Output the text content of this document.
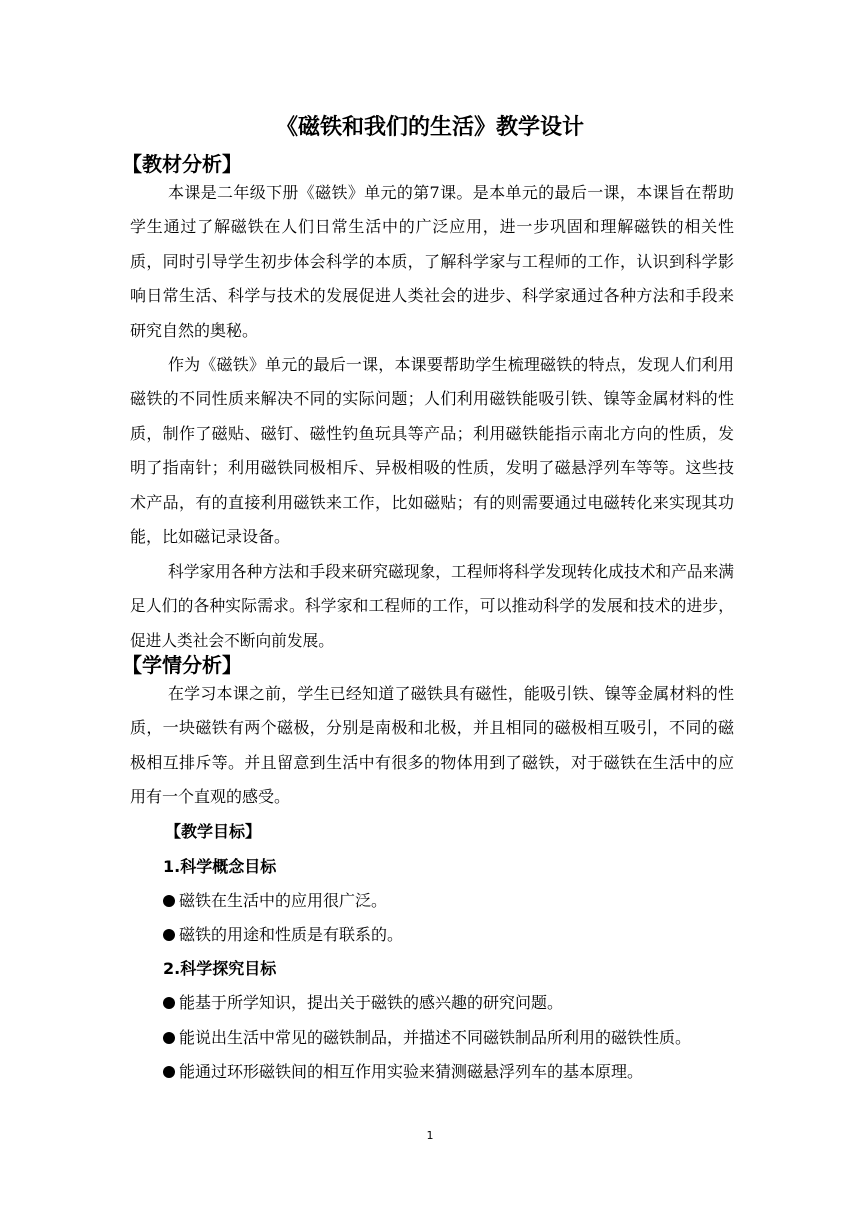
《磁铁和我们的生活》教学设计
【教材分析】

本课是二年级下册《磁铁》单元的第7课。是本单元的最后一课，本课旨在帮助学生通过了解磁铁在人们日常生活中的广泛应用，进一步巩固和理解磁铁的相关性质，同时引导学生初步体会科学的本质，了解科学家与工程师的工作，认识到科学影响日常生活、科学与技术的发展促进人类社会的进步、科学家通过各种方法和手段来研究自然的奥秘。

作为《磁铁》单元的最后一课，本课要帮助学生梳理磁铁的特点，发现人们利用磁铁的不同性质来解决不同的实际问题；人们利用磁铁能吸引铁、镍等金属材料的性质，制作了磁贴、磁钉、磁性钓鱼玩具等产品；利用磁铁能指示南北方向的性质，发明了指南针；利用磁铁同极相斥、异极相吸的性质，发明了磁悬浮列车等等。这些技术产品，有的直接利用磁铁来工作，比如磁贴；有的则需要通过电磁转化来实现其功能，比如磁记录设备。

科学家用各种方法和手段来研究磁现象，工程师将科学发现转化成技术和产品来满足人们的各种实际需求。科学家和工程师的工作，可以推动科学的发展和技术的进步，促进人类社会不断向前发展。

【学情分析】

在学习本课之前，学生已经知道了磁铁具有磁性，能吸引铁、镍等金属材料的性质，一块磁铁有两个磁极，分别是南极和北极，并且相同的磁极相互吸引，不同的磁极相互排斥等。并且留意到生活中有很多的物体用到了磁铁，对于磁铁在生活中的应用有一个直观的感受。

【教学目标】
1.科学概念目标

磁铁在生活中的应用很广泛。

磁铁的用途和性质是有联系的。

2.科学探究目标

能基于所学知识，提出关于磁铁的感兴趣的研究问题。

能说出生活中常见的磁铁制品，并描述不同磁铁制品所利用的磁铁性质。

能通过环形磁铁间的相互作用实验来猜测磁悬浮列车的基本原理。

1
